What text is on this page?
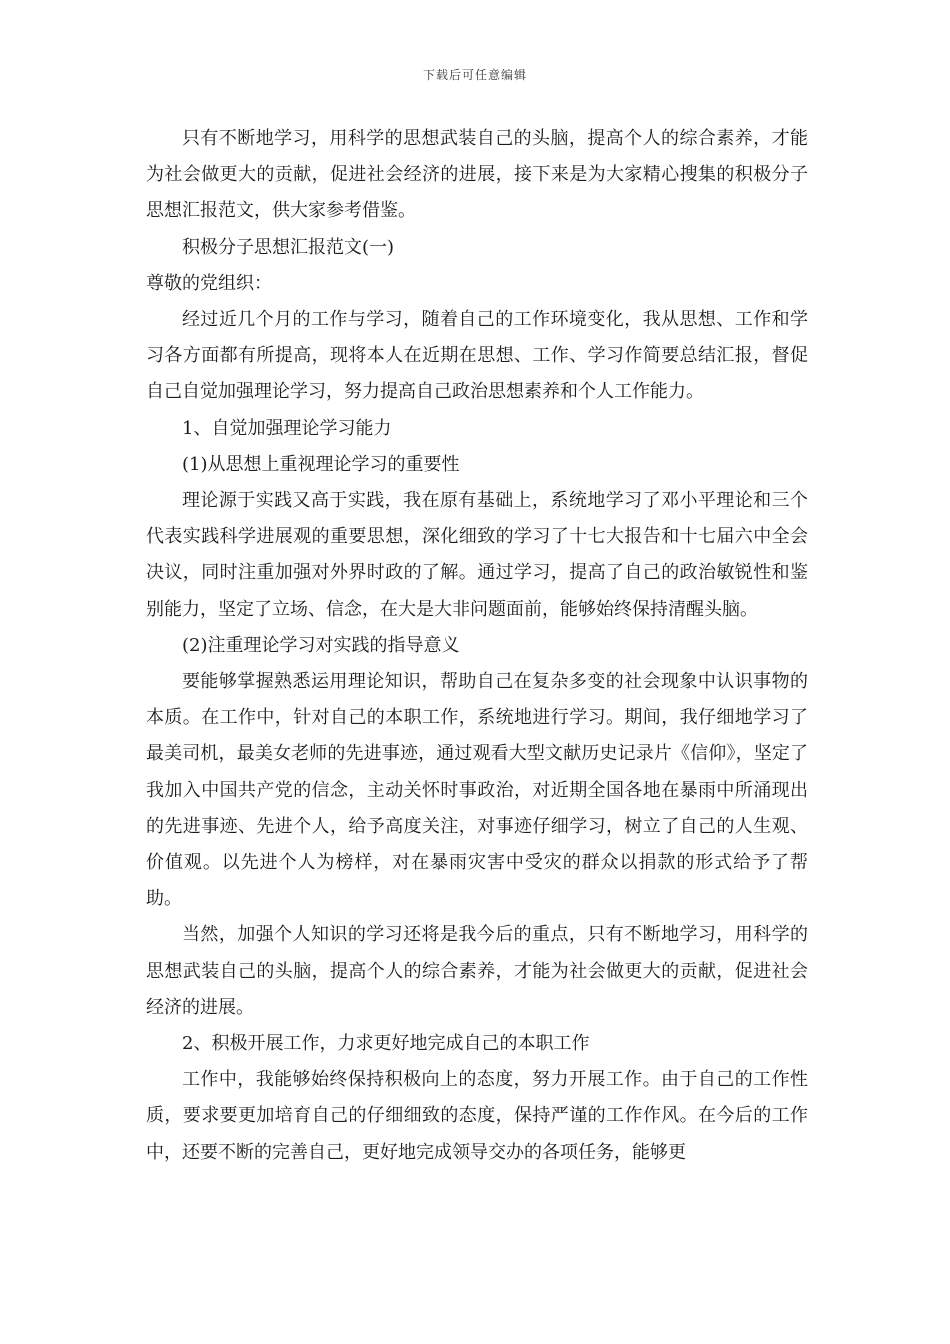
下载后可任意编辑

只有不断地学习，用科学的思想武装自己的头脑，提高个人的综合素养，才能为社会做更大的贡献，促进社会经济的进展，接下来是为大家精心搜集的积极分子思想汇报范文，供大家参考借鉴。

积极分子思想汇报范文(一)

尊敬的党组织：

经过近几个月的工作与学习，随着自己的工作环境变化，我从思想、工作和学习各方面都有所提高，现将本人在近期在思想、工作、学习作简要总结汇报，督促自己自觉加强理论学习，努力提高自己政治思想素养和个人工作能力。

1、自觉加强理论学习能力

(1)从思想上重视理论学习的重要性

理论源于实践又高于实践，我在原有基础上，系统地学习了邓小平理论和三个代表实践科学进展观的重要思想，深化细致的学习了十七大报告和十七届六中全会决议，同时注重加强对外界时政的了解。通过学习，提高了自己的政治敏锐性和鉴别能力，坚定了立场、信念，在大是大非问题面前，能够始终保持清醒头脑。

(2)注重理论学习对实践的指导意义

要能够掌握熟悉运用理论知识，帮助自己在复杂多变的社会现象中认识事物的本质。在工作中，针对自己的本职工作，系统地进行学习。期间，我仔细地学习了最美司机，最美女老师的先进事迹，通过观看大型文献历史记录片《信仰》，坚定了我加入中国共产党的信念，主动关怀时事政治，对近期全国各地在暴雨中所涌现出的先进事迹、先进个人，给予高度关注，对事迹仔细学习，树立了自己的人生观、价值观。以先进个人为榜样，对在暴雨灾害中受灾的群众以捐款的形式给予了帮助。

当然，加强个人知识的学习还将是我今后的重点，只有不断地学习，用科学的思想武装自己的头脑，提高个人的综合素养，才能为社会做更大的贡献，促进社会经济的进展。

2、积极开展工作，力求更好地完成自己的本职工作

工作中，我能够始终保持积极向上的态度，努力开展工作。由于自己的工作性质，要求要更加培育自己的仔细细致的态度，保持严谨的工作作风。在今后的工作中，还要不断的完善自己，更好地完成领导交办的各项任务，能够更
